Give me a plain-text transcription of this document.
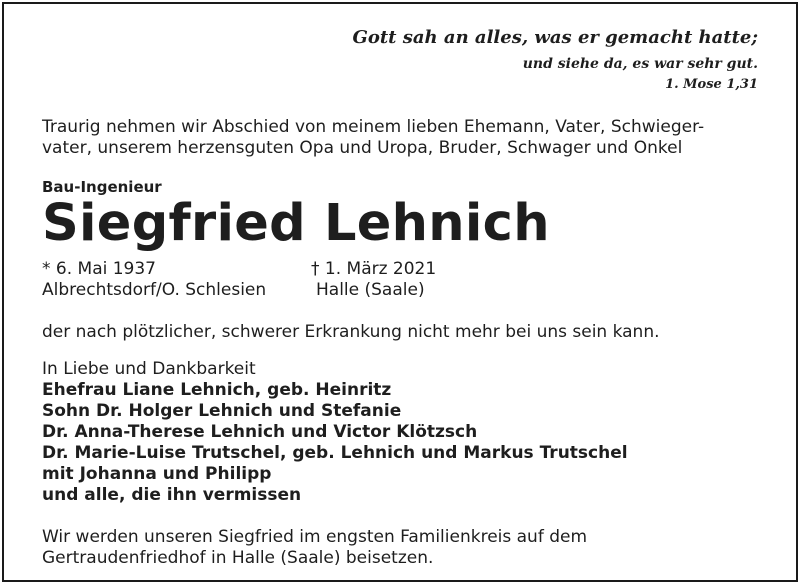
Gott sah an alles, was er gemacht hatte;
und siehe da, es war sehr gut.
1. Mose 1,31
Traurig nehmen wir Abschied von meinem lieben Ehemann, Vater, Schwieger-
vater, unserem herzensguten Opa und Uropa, Bruder, Schwager und Onkel
Bau-Ingenieur
Siegfried Lehnich
* 6. Mai 1937
Albrechtsdorf/O. Schlesien
† 1. März 2021
Halle (Saale)
der nach plötzlicher, schwerer Erkrankung nicht mehr bei uns sein kann.
In Liebe und Dankbarkeit
Ehefrau Liane Lehnich, geb. Heinritz
Sohn Dr. Holger Lehnich und Stefanie
Dr. Anna-Therese Lehnich und Victor Klötzsch
Dr. Marie-Luise Trutschel, geb. Lehnich und Markus Trutschel
mit Johanna und Philipp
und alle, die ihn vermissen
Wir werden unseren Siegfried im engsten Familienkreis auf dem
Gertraudenfriedhof in Halle (Saale) beisetzen.
